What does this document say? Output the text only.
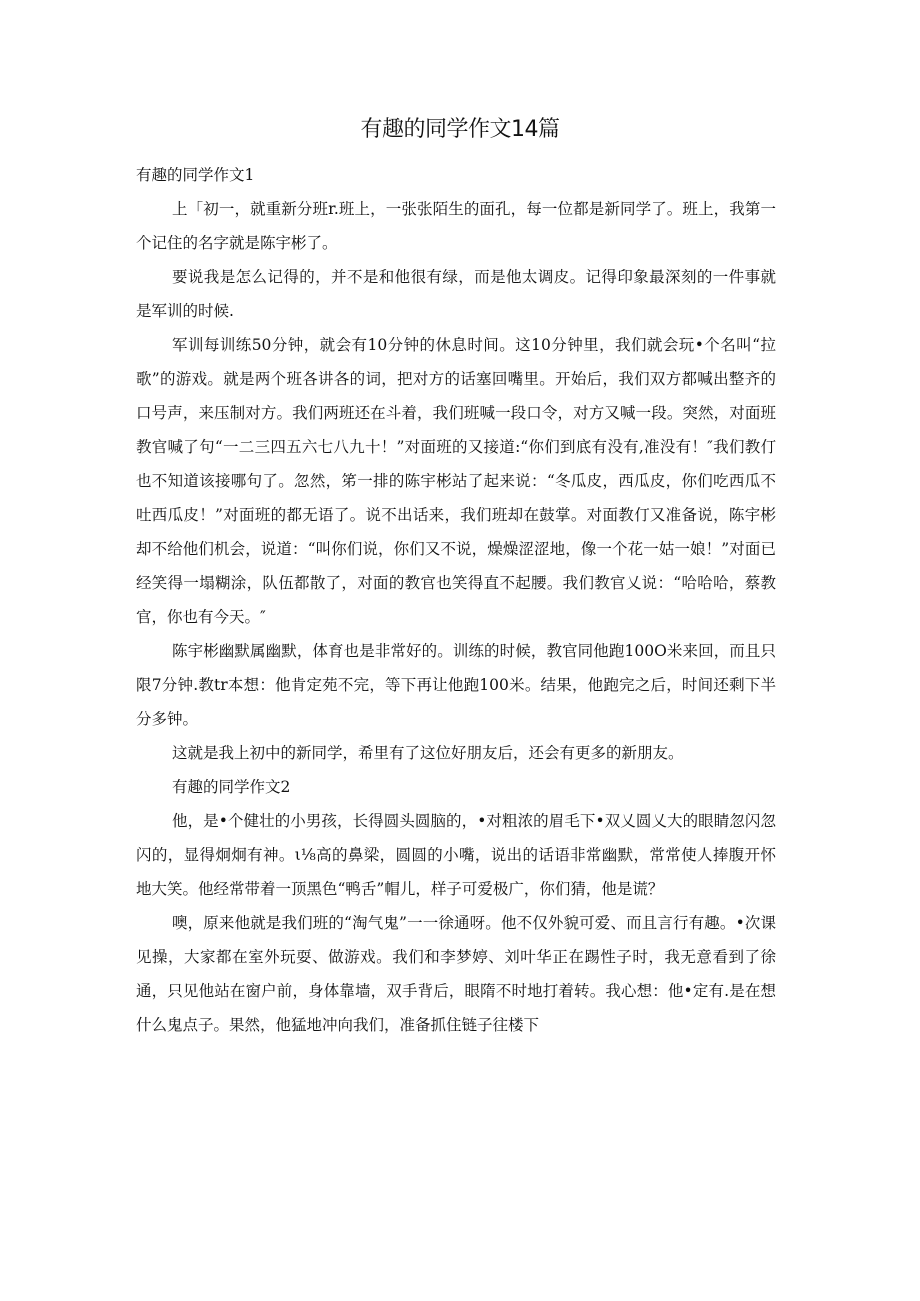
有趣的同学作文14篇

有趣的同学作文1

上「初一，就重新分班r.班上，一张张陌生的面孔，每一位都是新同学了。班上，我第一个记住的名字就是陈宇彬了。

要说我是怎么记得的，并不是和他很有绿，而是他太调皮。记得印象最深刻的一件事就是军训的时候.

军训每训练50分钟，就会有10分钟的休息时间。这10分钟里，我们就会玩•个名叫“拉歌”的游戏。就是两个班各讲各的词，把对方的话塞回嘴里。开始后，我们双方都喊出整齐的口号声，来压制对方。我们两班还在斗着，我们班喊一段口令，对方又喊一段。突然，对面班教官喊了句“一二三四五六七八九十！”对面班的又接道:“你们到底有没有,准没有！″我们教仃也不知道该接哪句了。忽然，笫一排的陈宇彬站了起来说：“冬瓜皮，西瓜皮，你们吃西瓜不吐西瓜皮！”对面班的都无语了。说不出话来，我们班却在鼓掌。对面教仃又准备说，陈宇彬却不给他们机会，说道：“叫你们说，你们又不说，燥燥涩涩地，像一个花一姑一娘！”对面已经笑得一塌糊涂，队伍都散了，对面的教官也笑得直不起腰。我们教官乂说：“哈哈哈，蔡教官，你也有今天。″

陈宇彬幽默属幽默，体育也是非常好的。训练的时候，教官同他跑100O米来回，而且只限7分钟.教tr本想：他肯定苑不完，等下再让他跑100米。结果，他跑完之后，时间还剩下半分多钟。

这就是我上初中的新同学，希里有了这位好朋友后，还会有更多的新朋友。

有趣的同学作文2

他，是•个健壮的小男孩，长得圆头圆脑的，•对粗浓的眉毛下•双乂圆乂大的眼睛忽闪忽闪的，显得炯炯有神。ι⅛高的鼻梁，圆圆的小嘴，说出的话语非常幽默，常常使人捧腹开怀地大笑。他经常带着一顶黑色“鸭舌”帽儿，样子可爱极广，你们猜，他是谎？

噢，原来他就是我们班的“淘气鬼”一一徐通呀。他不仅外貌可爱、而且言行有趣。•次课见操，大家都在室外玩耍、做游戏。我们和李梦婷、刘叶华正在踢性子时，我无意看到了徐通，只见他站在窗户前，身体靠墙，双手背后，眼隋不时地打着转。我心想：他•定有.是在想什么鬼点子。果然，他猛地冲向我们，准备抓住链子往楼下
